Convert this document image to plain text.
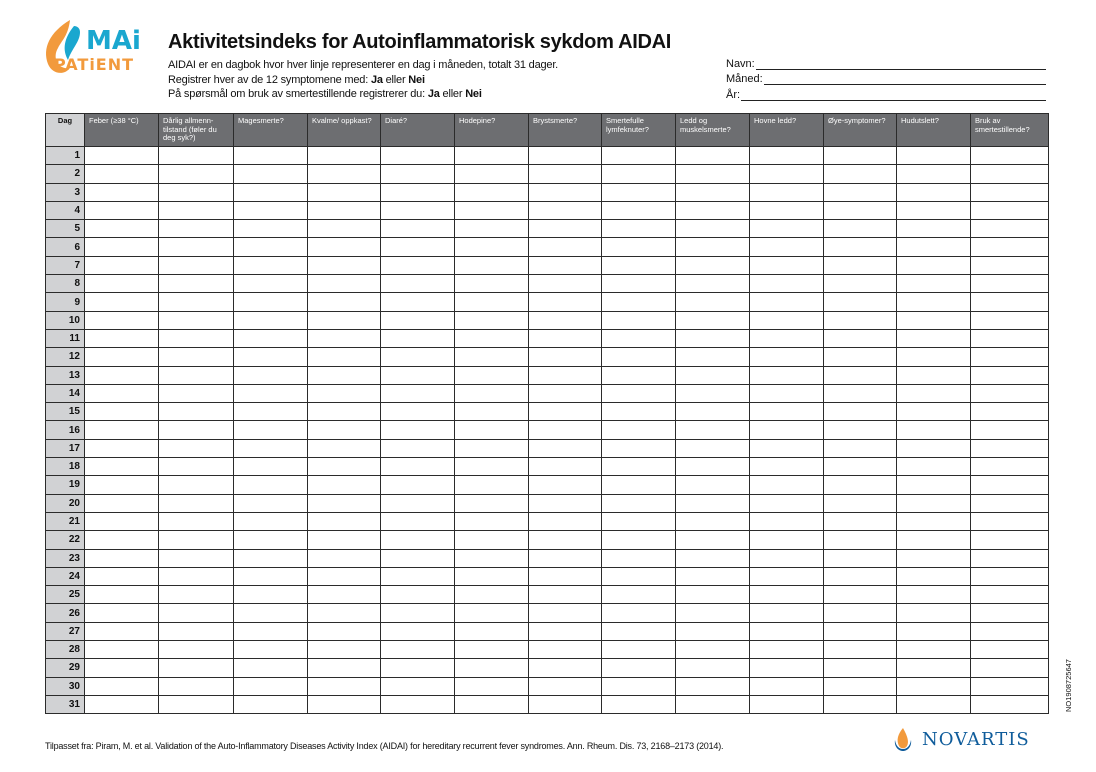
MAi
PATiENT
Aktivitetsindeks for Autoinflammatorisk sykdom AIDAI
AIDAI er en dagbok hvor hver linje representerer en dag i måneden, totalt 31 dager.
Registrer hver av de 12 symptomene med: Ja eller Nei
På spørsmål om bruk av smertestillende registrerer du: Ja eller Nei
Navn:
Måned:
År:
Dag	Feber (≥38 °C)	Dårlig allmenn-tilstand (føler du deg syk?)	Magesmerte?	Kvalme/ oppkast?	Diaré?	Hodepine?	Brystsmerte?	Smertefulle lymfeknuter?	Ledd og muskelsmerte?	Hovne ledd?	Øye-symptomer?	Hudutslett?	Bruk av smertestillende?
1													
2													
3													
4													
5													
6													
7													
8													
9													
10													
11													
12													
13													
14													
15													
16													
17													
18													
19													
20													
21													
22													
23													
24													
25													
26													
27													
28													
29													
30													
31													
Tilpasset fra: Piram, M. et al. Validation of the Auto-Inflammatory Diseases Activity Index (AIDAI) for hereditary recurrent fever syndromes. Ann. Rheum. Dis. 73, 2168–2173 (2014).
NO1908725647
NOVARTIS
